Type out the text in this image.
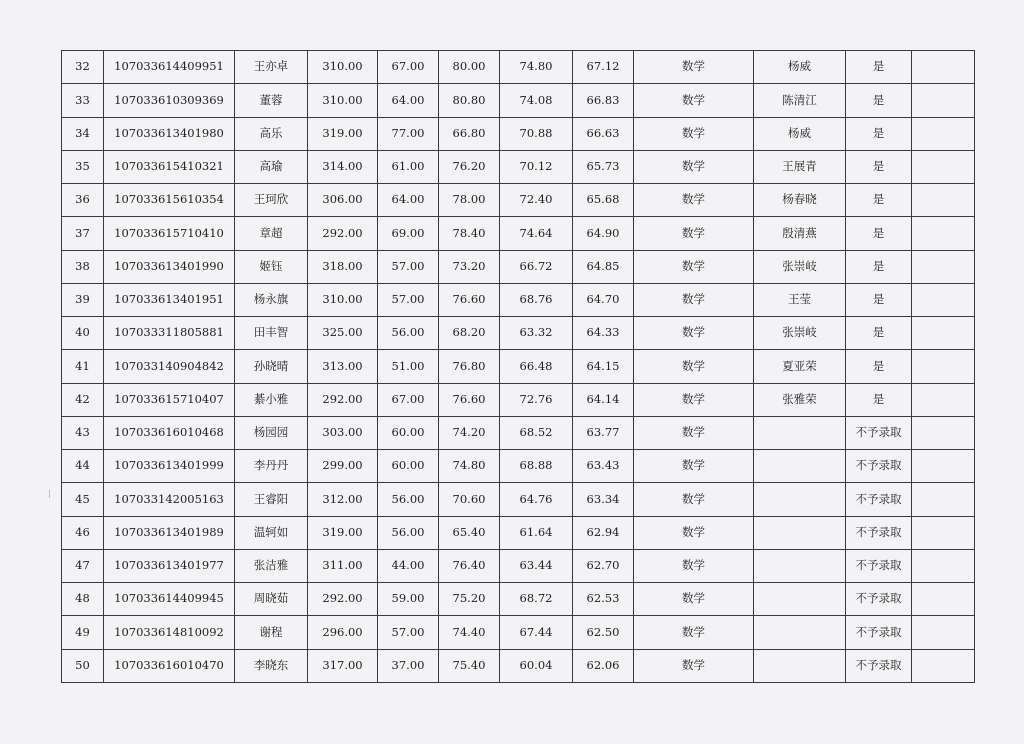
32	107033614409951	王亦卓	310.00	67.00	80.00	74.80	67.12	数学	杨威	是	
33	107033610309369	董蓉	310.00	64.00	80.80	74.08	66.83	数学	陈清江	是	
34	107033613401980	高乐	319.00	77.00	66.80	70.88	66.63	数学	杨威	是	
35	107033615410321	高瑜	314.00	61.00	76.20	70.12	65.73	数学	王展青	是	
36	107033615610354	王珂欣	306.00	64.00	78.00	72.40	65.68	数学	杨春晓	是	
37	107033615710410	章超	292.00	69.00	78.40	74.64	64.90	数学	殷清燕	是	
38	107033613401990	姬钰	318.00	57.00	73.20	66.72	64.85	数学	张崇岐	是	
39	107033613401951	杨永旗	310.00	57.00	76.60	68.76	64.70	数学	王莹	是	
40	107033311805881	田丰智	325.00	56.00	68.20	63.32	64.33	数学	张崇岐	是	
41	107033140904842	孙晓晴	313.00	51.00	76.80	66.48	64.15	数学	夏亚荣	是	
42	107033615710407	綦小雅	292.00	67.00	76.60	72.76	64.14	数学	张雅荣	是	
43	107033616010468	杨园园	303.00	60.00	74.20	68.52	63.77	数学		不予录取	
44	107033613401999	李丹丹	299.00	60.00	74.80	68.88	63.43	数学		不予录取	
45	107033142005163	王睿阳	312.00	56.00	70.60	64.76	63.34	数学		不予录取	
46	107033613401989	温轲如	319.00	56.00	65.40	61.64	62.94	数学		不予录取	
47	107033613401977	张洁雅	311.00	44.00	76.40	63.44	62.70	数学		不予录取	
48	107033614409945	周晓茹	292.00	59.00	75.20	68.72	62.53	数学		不予录取	
49	107033614810092	谢程	296.00	57.00	74.40	67.44	62.50	数学		不予录取	
50	107033616010470	李晓东	317.00	37.00	75.40	60.04	62.06	数学		不予录取	
